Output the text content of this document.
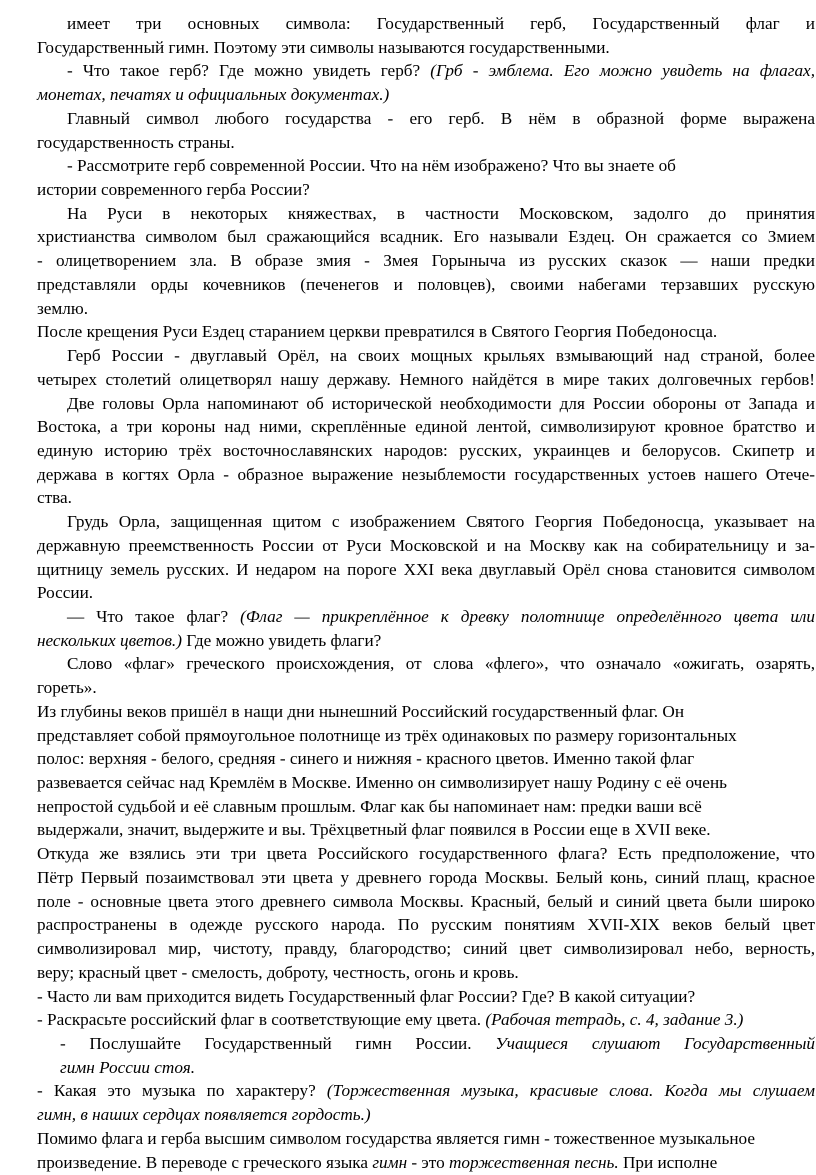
имеет три основных символа: Государственный герб, Государственный флаг и

Государственный гимн. Поэтому эти символы называются государственными.

- Что такое герб? Где можно увидеть герб? (Грб - эмблема. Его можно увидеть на флагах,

монетах, печатях и официальных документах.)

Главный символ любого государства - его герб. В нём в образной форме выражена

государственность страны.

- Рассмотрите герб современной России. Что на нём изображено? Что вы знаете об

истории современного герба России?

На Руси в некоторых княжествах, в частности Московском, задолго до принятия

христианства символом был сражающийся всадник. Его называли Ездец. Он сражается со Змием

- олицетворением зла. В образе змия - Змея Горыныча из русских сказок — наши предки

представляли орды кочевников (печенегов и половцев), своими набегами терзавших русскую

землю.

После крещения Руси Ездец старанием церкви превратился в Святого Георгия Победоносца.

Герб России - двуглавый Орёл, на своих мощных крыльях взмывающий над страной, более

четырех столетий олицетворял нашу державу. Немного найдётся в мире таких долговечных гербов!

Две головы Орла напоминают об исторической необходимости для России обороны от Запада и

Востока, а три короны над ними, скреплённые единой лентой, символизируют кровное братство и

единую историю трёх восточнославянских народов: русских, украинцев и белорусов. Скипетр и

держава в когтях Орла - образное выражение незыблемости государственных устоев нашего Отече-

ства.

Грудь Орла, защищенная щитом с изображением Святого Георгия Победоносца, указывает на

державную преемственность России от Руси Московской и на Москву как на собирательницу и за-

щитницу земель русских. И недаром на пороге XXI века двуглавый Орёл снова становится символом

России.

— Что такое флаг? (Флаг — прикреплённое к древку полотнище определённого цвета или

нескольких цветов.) Где можно увидеть флаги?

Слово «флаг» греческого происхождения, от слова «флего», что означало «ожигать, озарять,

гореть».

Из глубины веков пришёл в нащи дни нынешний Российский государственный флаг. Он

представляет собой прямоугольное полотнище из трёх одинаковых по размеру горизонтальных

полос: верхняя - белого, средняя - синего и нижняя - красного цветов. Именно такой флаг

развевается сейчас над Кремлём в Москве. Именно он символизирует нашу Родину с её очень

непростой судьбой и её славным прошлым. Флаг как бы напоминает нам: предки ваши всё

выдержали, значит, выдержите и вы. Трёхцветный флаг появился в России еще в XVII веке.

Откуда же взялись эти три цвета Российского государственного флага? Есть предположение, что

Пётр Первый позаимствовал эти цвета у древнего города Москвы. Белый конь, синий плащ, красное

поле - основные цвета этого древнего символа Москвы. Красный, белый и синий цвета были широко

распространены в одежде русского народа. По русским понятиям XVII-XIX веков белый цвет

символизировал мир, чистоту, правду, благородство; синий цвет символизировал небо, верность,

веру; красный цвет - смелость, доброту, честность, огонь и кровь.

- Часто ли вам приходится видеть Государственный флаг России? Где? В какой ситуации?

- Раскрасьте российский флаг в соответствующие ему цвета. (Рабочая тетрадь, с. 4, задание 3.)

- Послушайте Государственный гимн России. Учащиеся слушают Государственный

гимн России стоя.

- Какая это музыка по характеру? (Торжественная музыка, красивые слова. Когда мы слушаем

гимн, в наших сердцах появляется гордость.)

Помимо флага и герба высшим символом государства является гимн - тожественное музыкальное

произведение. В переводе с греческого языка гимн - это торжественная песнь. При исполне
